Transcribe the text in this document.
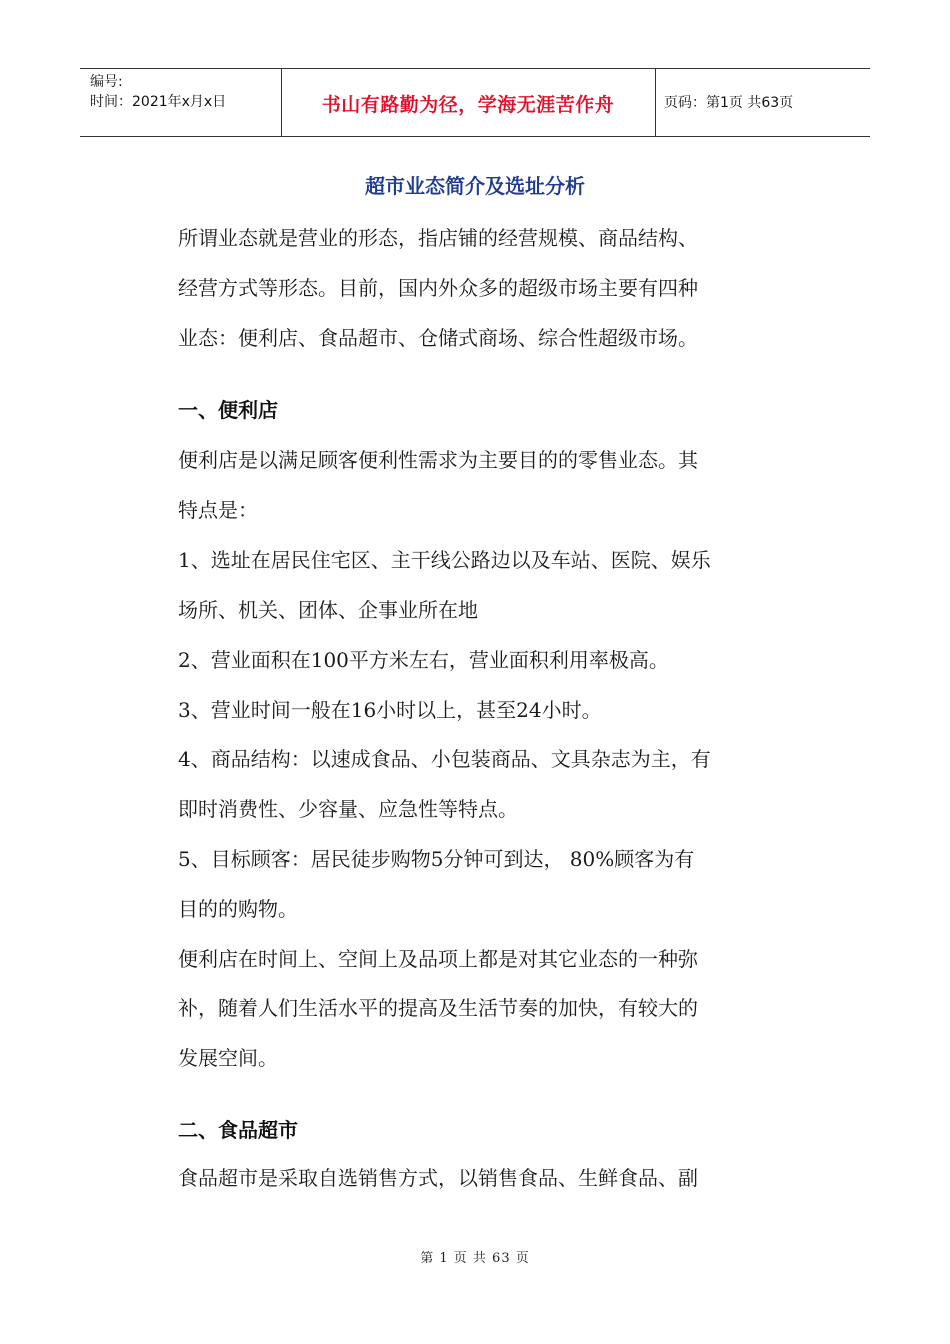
编号:
时间：2021年x月x日	书山有路勤为径，学海无涯苦作舟	页码：第1页 共63页
超市业态简介及选址分析
所谓业态就是营业的形态，指店铺的经营规模、商品结构、
经营方式等形态。目前，国内外众多的超级市场主要有四种
业态：便利店、食品超市、仓储式商场、综合性超级市场。
一、便利店
便利店是以满足顾客便利性需求为主要目的的零售业态。其
特点是：
1、选址在居民住宅区、主干线公路边以及车站、医院、娱乐
场所、机关、团体、企事业所在地
2、营业面积在100平方米左右，营业面积利用率极高。
3、营业时间一般在16小时以上，甚至24小时。
4、商品结构：以速成食品、小包装商品、文具杂志为主，有
即时消费性、少容量、应急性等特点。
5、目标顾客：居民徒步购物5分钟可到达， 80%顾客为有
目的的购物。
便利店在时间上、空间上及品项上都是对其它业态的一种弥
补，随着人们生活水平的提高及生活节奏的加快，有较大的
发展空间。
二、食品超市
食品超市是采取自选销售方式，以销售食品、生鲜食品、副
第 1 页 共 63 页
